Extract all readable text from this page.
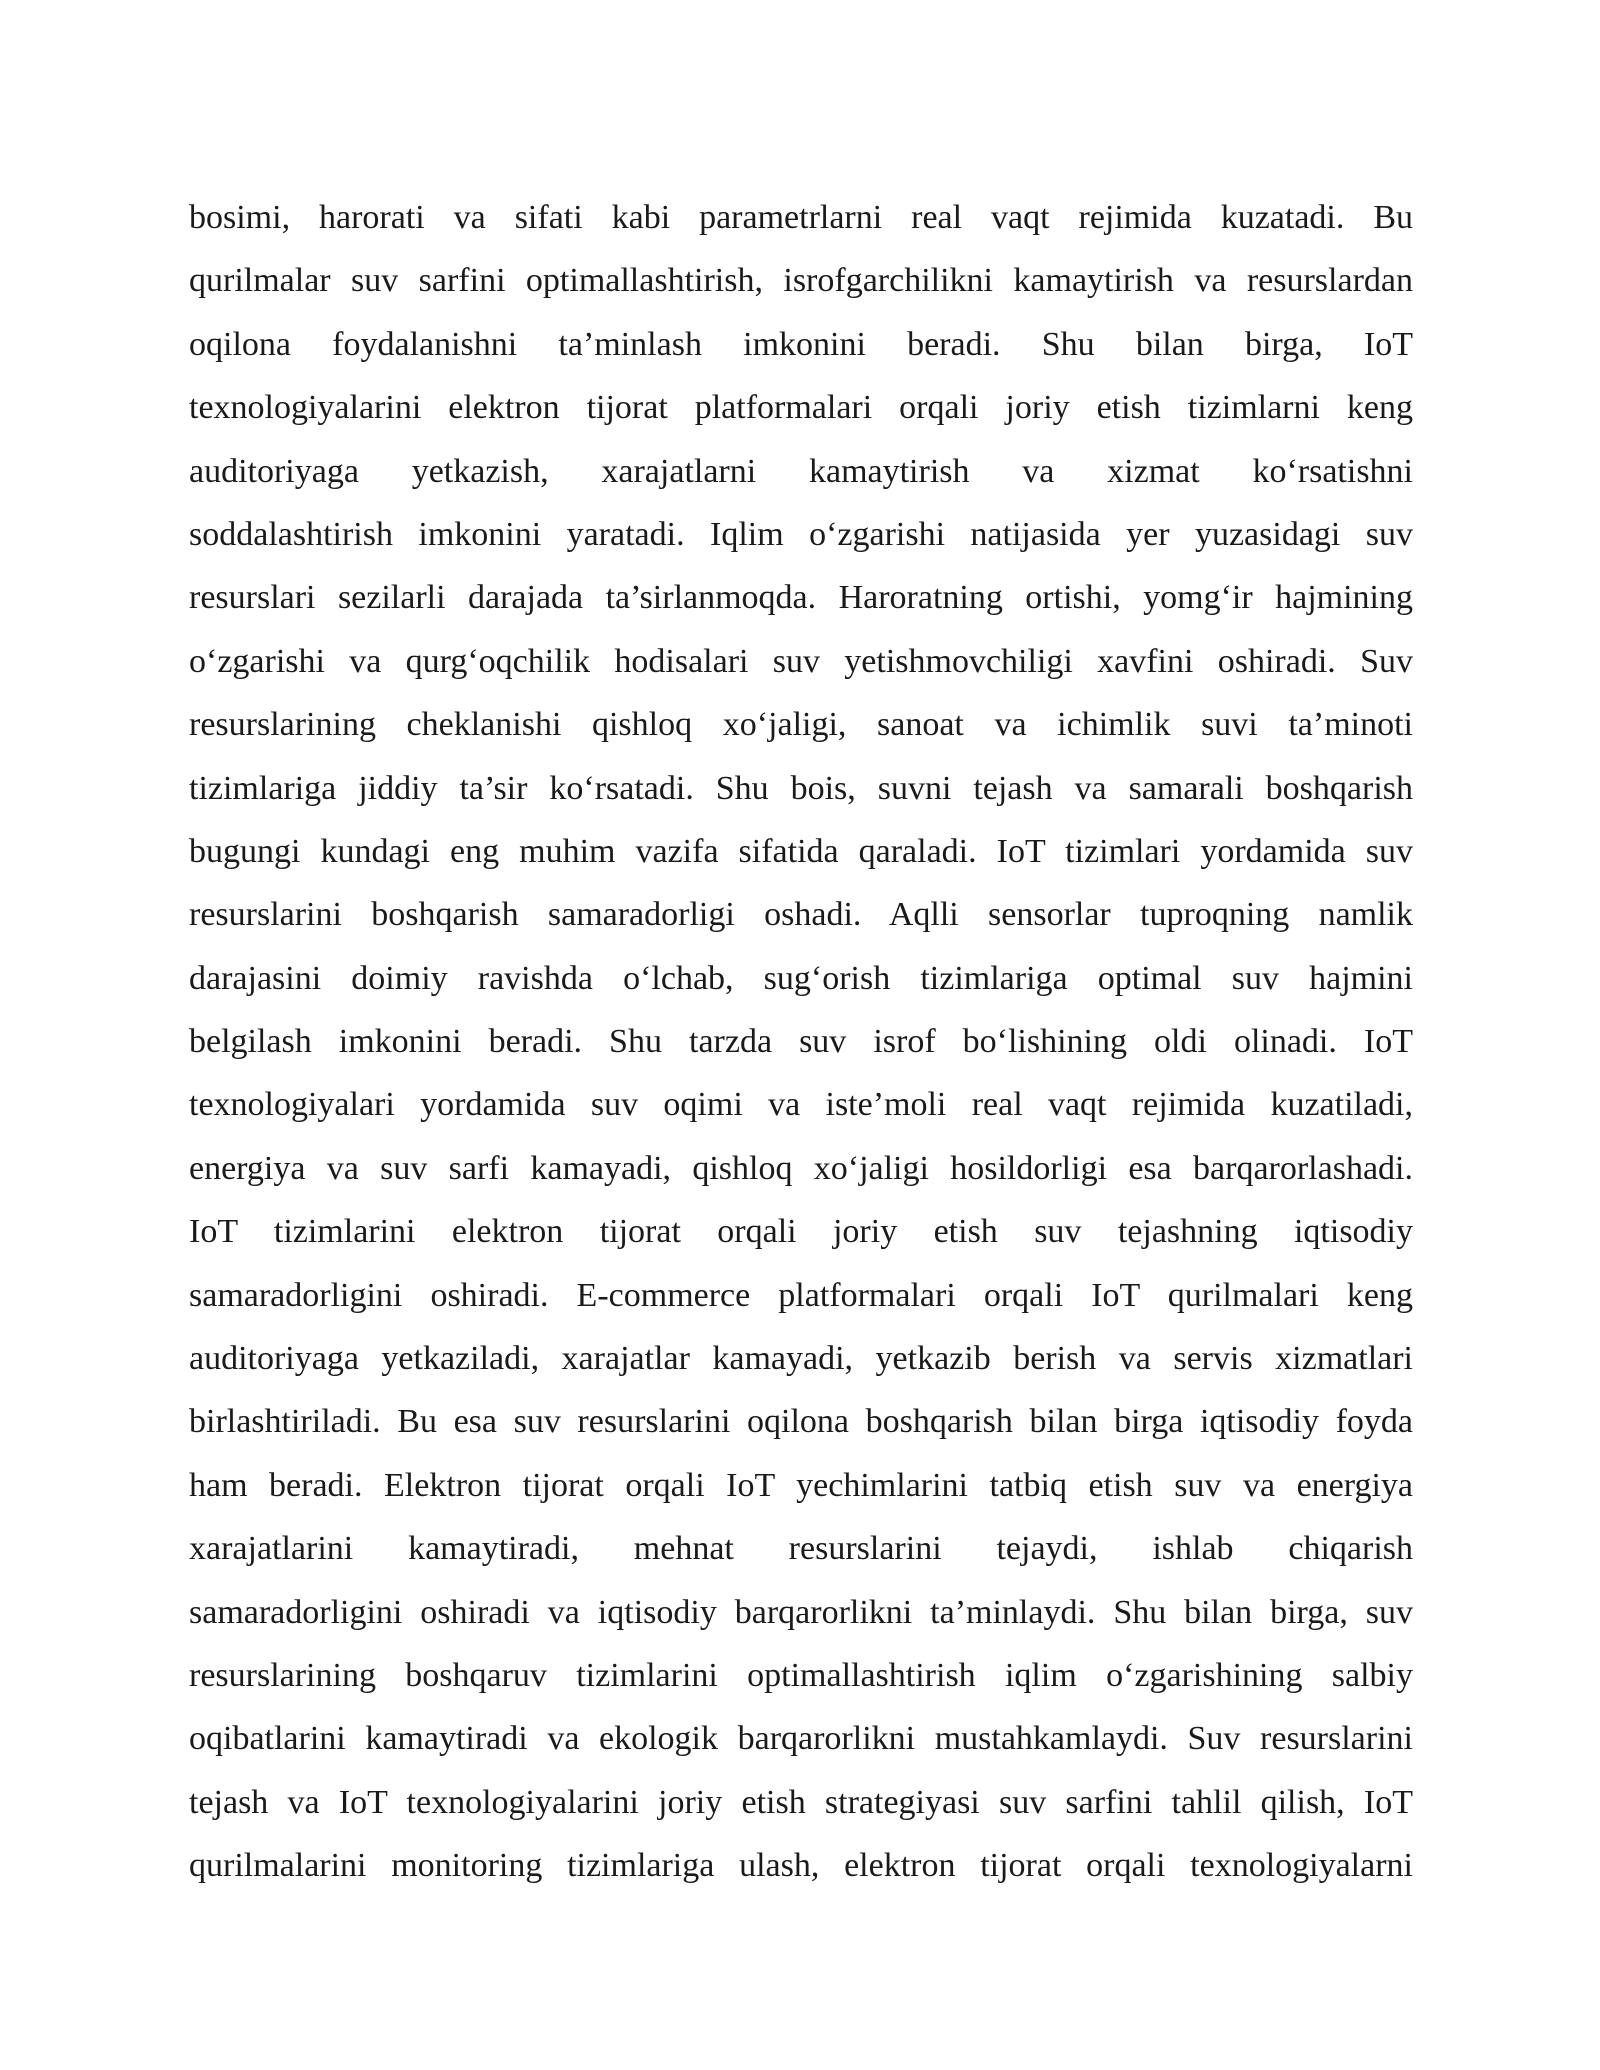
bosimi, harorati va sifati kabi parametrlarni real vaqt rejimida kuzatadi. Bu
qurilmalar suv sarfini optimallashtirish, isrofgarchilikni kamaytirish va resurslardan
oqilona foydalanishni ta’minlash imkonini beradi. Shu bilan birga, IoT
texnologiyalarini elektron tijorat platformalari orqali joriy etish tizimlarni keng
auditoriyaga yetkazish, xarajatlarni kamaytirish va xizmat ko‘rsatishni
soddalashtirish imkonini yaratadi. Iqlim o‘zgarishi natijasida yer yuzasidagi suv
resurslari sezilarli darajada ta’sirlanmoqda. Haroratning ortishi, yomg‘ir hajmining
o‘zgarishi va qurg‘oqchilik hodisalari suv yetishmovchiligi xavfini oshiradi. Suv
resurslarining cheklanishi qishloq xo‘jaligi, sanoat va ichimlik suvi ta’minoti
tizimlariga jiddiy ta’sir ko‘rsatadi. Shu bois, suvni tejash va samarali boshqarish
bugungi kundagi eng muhim vazifa sifatida qaraladi. IoT tizimlari yordamida suv
resurslarini boshqarish samaradorligi oshadi. Aqlli sensorlar tuproqning namlik
darajasini doimiy ravishda o‘lchab, sug‘orish tizimlariga optimal suv hajmini
belgilash imkonini beradi. Shu tarzda suv isrof bo‘lishining oldi olinadi. IoT
texnologiyalari yordamida suv oqimi va iste’moli real vaqt rejimida kuzatiladi,
energiya va suv sarfi kamayadi, qishloq xo‘jaligi hosildorligi esa barqarorlashadi.
IoT tizimlarini elektron tijorat orqali joriy etish suv tejashning iqtisodiy
samaradorligini oshiradi. E-commerce platformalari orqali IoT qurilmalari keng
auditoriyaga yetkaziladi, xarajatlar kamayadi, yetkazib berish va servis xizmatlari
birlashtiriladi. Bu esa suv resurslarini oqilona boshqarish bilan birga iqtisodiy foyda
ham beradi. Elektron tijorat orqali IoT yechimlarini tatbiq etish suv va energiya
xarajatlarini kamaytiradi, mehnat resurslarini tejaydi, ishlab chiqarish
samaradorligini oshiradi va iqtisodiy barqarorlikni ta’minlaydi. Shu bilan birga, suv
resurslarining boshqaruv tizimlarini optimallashtirish iqlim o‘zgarishining salbiy
oqibatlarini kamaytiradi va ekologik barqarorlikni mustahkamlaydi. Suv resurslarini
tejash va IoT texnologiyalarini joriy etish strategiyasi suv sarfini tahlil qilish, IoT
qurilmalarini monitoring tizimlariga ulash, elektron tijorat orqali texnologiyalarni
